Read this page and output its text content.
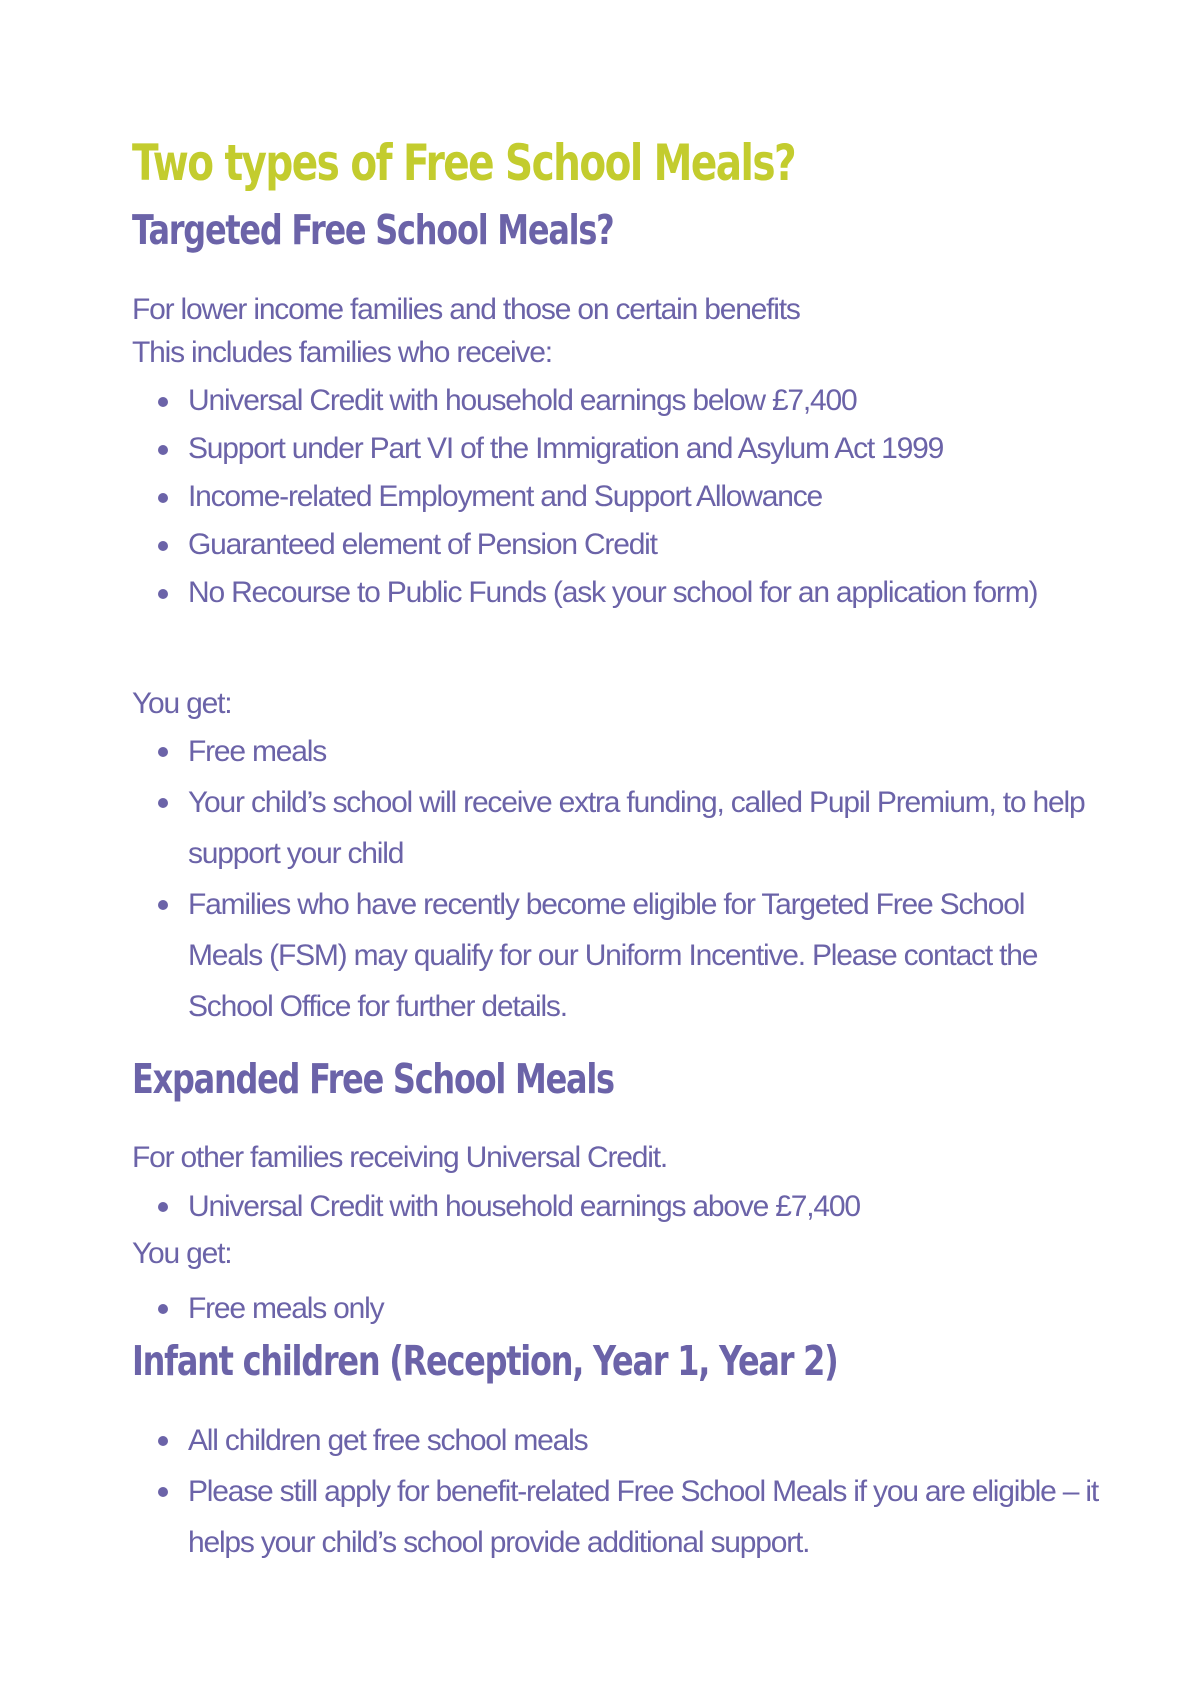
Two types of Free School Meals?
Targeted Free School Meals?

For lower income families and those on certain benefits

This includes families who receive:

Universal Credit with household earnings below £7,400
Support under Part VI of the Immigration and Asylum Act 1999
Income-related Employment and Support Allowance
Guaranteed element of Pension Credit
No Recourse to Public Funds (ask your school for an application form)

You get:

Free meals
Your child’s school will receive extra funding, called Pupil Premium, to help support your child
Families who have recently become eligible for Targeted Free School Meals (FSM) may qualify for our Uniform Incentive. Please contact the School Office for further details.
Expanded Free School Meals

For other families receiving Universal Credit.

Universal Credit with household earnings above £7,400

You get:

Free meals only
Infant children (Reception, Year 1, Year 2)
All children get free school meals
Please still apply for benefit-related Free School Meals if you are eligible – it helps your child’s school provide additional support.
